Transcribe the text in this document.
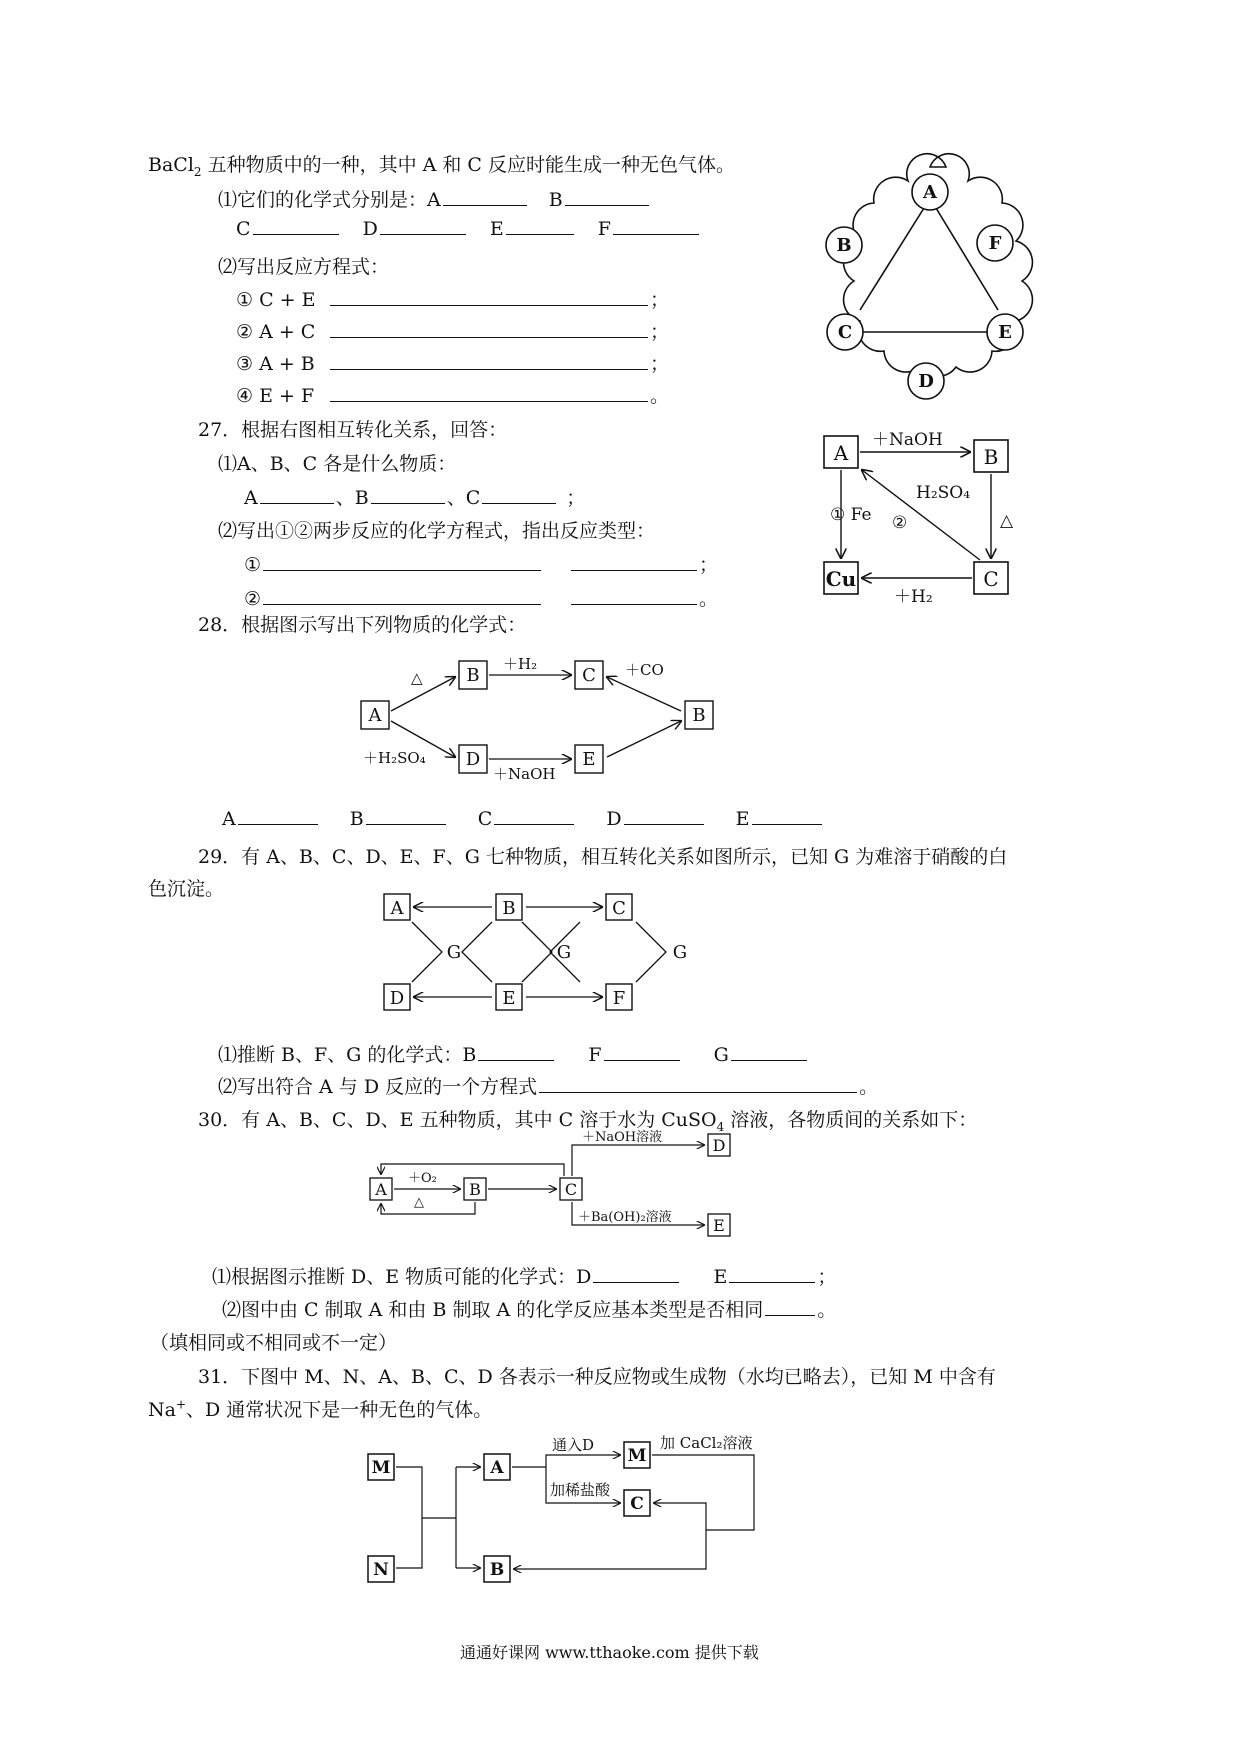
BaCl$_2$ 五种物质中的一种，其中 A 和 C 反应时能生成一种无色气体。
⑴它们的化学式分别是：A	B
C	D	E	F
⑵写出反应方程式：
① C + E	；
② A + C	；
③ A + B	；
④ E + F	。
A
B
C
D
E
F
27．根据右图相互转化关系，回答：
⑴A、B、C 各是什么物质：
A	、B	、C	；
⑵写出①②两步反应的化学方程式，指出反应类型：
①	；
②	。
A	B
Cu	C
＋NaOH
① Fe
H₂SO₄
②	△
＋H₂
28．根据图示写出下列物质的化学式：
A
B	C
B
D	E
△
＋H₂	＋CO
＋H₂SO₄
＋NaOH
A	B	C	D	E
29．有 A、B、C、D、E、F、G 七种物质，相互转化关系如图所示，已知 G 为难溶于硝酸的白
色沉淀。
A	B	C
D	E	F
G	G	G
⑴推断 B、F、G 的化学式：B	F	G
⑵写出符合 A 与 D 反应的一个方程式	。
30．有 A、B、C、D、E 五种物质，其中 C 溶于水为 CuSO$_4$ 溶液，各物质间的关系如下：
A	B	C
D
E
＋O₂
△
＋NaOH溶液
＋Ba(OH)₂溶液
⑴根据图示推断 D、E 物质可能的化学式：D	E	；
⑵图中由 C 制取 A 和由 B 制取 A 的化学反应基本类型是否相同	。
（填相同或不相同或不一定）
31．下图中 M、N、A、B、C、D 各表示一种反应物或生成物（水均已略去），已知 M 中含有
Na+、D 通常状况下是一种无色的气体。
M
N
A
B
M
C
通入D	加 CaCl₂溶液
加稀盐酸
通通好课网 www.tthaoke.com 提供下载
